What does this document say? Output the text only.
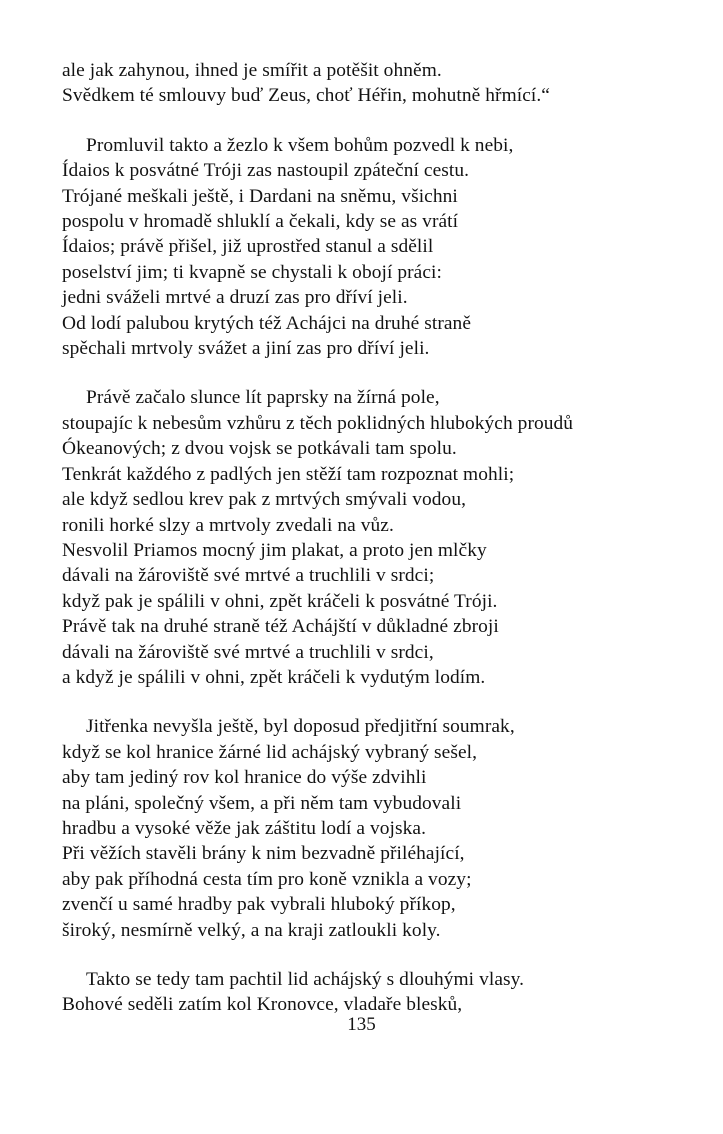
ale jak zahynou, ihned je smířit a potěšit ohněm.
Svědkem té smlouvy buď Zeus, choť Héřin, mohutně hřmící.“

Promluvil takto a žezlo k všem bohům pozvedl k nebi,
Ídaios k posvátné Tróji zas nastoupil zpáteční cestu.
Trójané meškali ještě, i Dardani na sněmu, všichni
pospolu v hromadě shluklí a čekali, kdy se as vrátí
Ídaios; právě přišel, již uprostřed stanul a sdělil
poselství jim; ti kvapně se chystali k obojí práci:
jedni sváželi mrtvé a druzí zas pro dříví jeli.
Od lodí palubou krytých též Achájci na druhé straně
spěchali mrtvoly svážet a jiní zas pro dříví jeli.

Právě začalo slunce lít paprsky na žírná pole,
stoupajíc k nebesům vzhůru z těch poklidných hlubokých proudů
Ókeanových; z dvou vojsk se potkávali tam spolu.
Tenkrát každého z padlých jen stěží tam rozpoznat mohli;
ale když sedlou krev pak z mrtvých smývali vodou,
ronili horké slzy a mrtvoly zvedali na vůz.
Nesvolil Priamos mocný jim plakat, a proto jen mlčky
dávali na žároviště své mrtvé a truchlili v srdci;
když pak je spálili v ohni, zpět kráčeli k posvátné Tróji.
Právě tak na druhé straně též Achájští v důkladné zbroji
dávali na žároviště své mrtvé a truchlili v srdci,
a když je spálili v ohni, zpět kráčeli k vydutým lodím.

Jitřenka nevyšla ještě, byl doposud předjitřní soumrak,
když se kol hranice žárné lid achájský vybraný sešel,
aby tam jediný rov kol hranice do výše zdvihli
na pláni, společný všem, a při něm tam vybudovali
hradbu a vysoké věže jak záštitu lodí a vojska.
Při věžích stavěli brány k nim bezvadně přiléhající,
aby pak příhodná cesta tím pro koně vznikla a vozy;
zvenčí u samé hradby pak vybrali hluboký příkop,
široký, nesmírně velký, a na kraji zatloukli koly.

Takto se tedy tam pachtil lid achájský s dlouhými vlasy.
Bohové seděli zatím kol Kronovce, vladaře blesků,

135
